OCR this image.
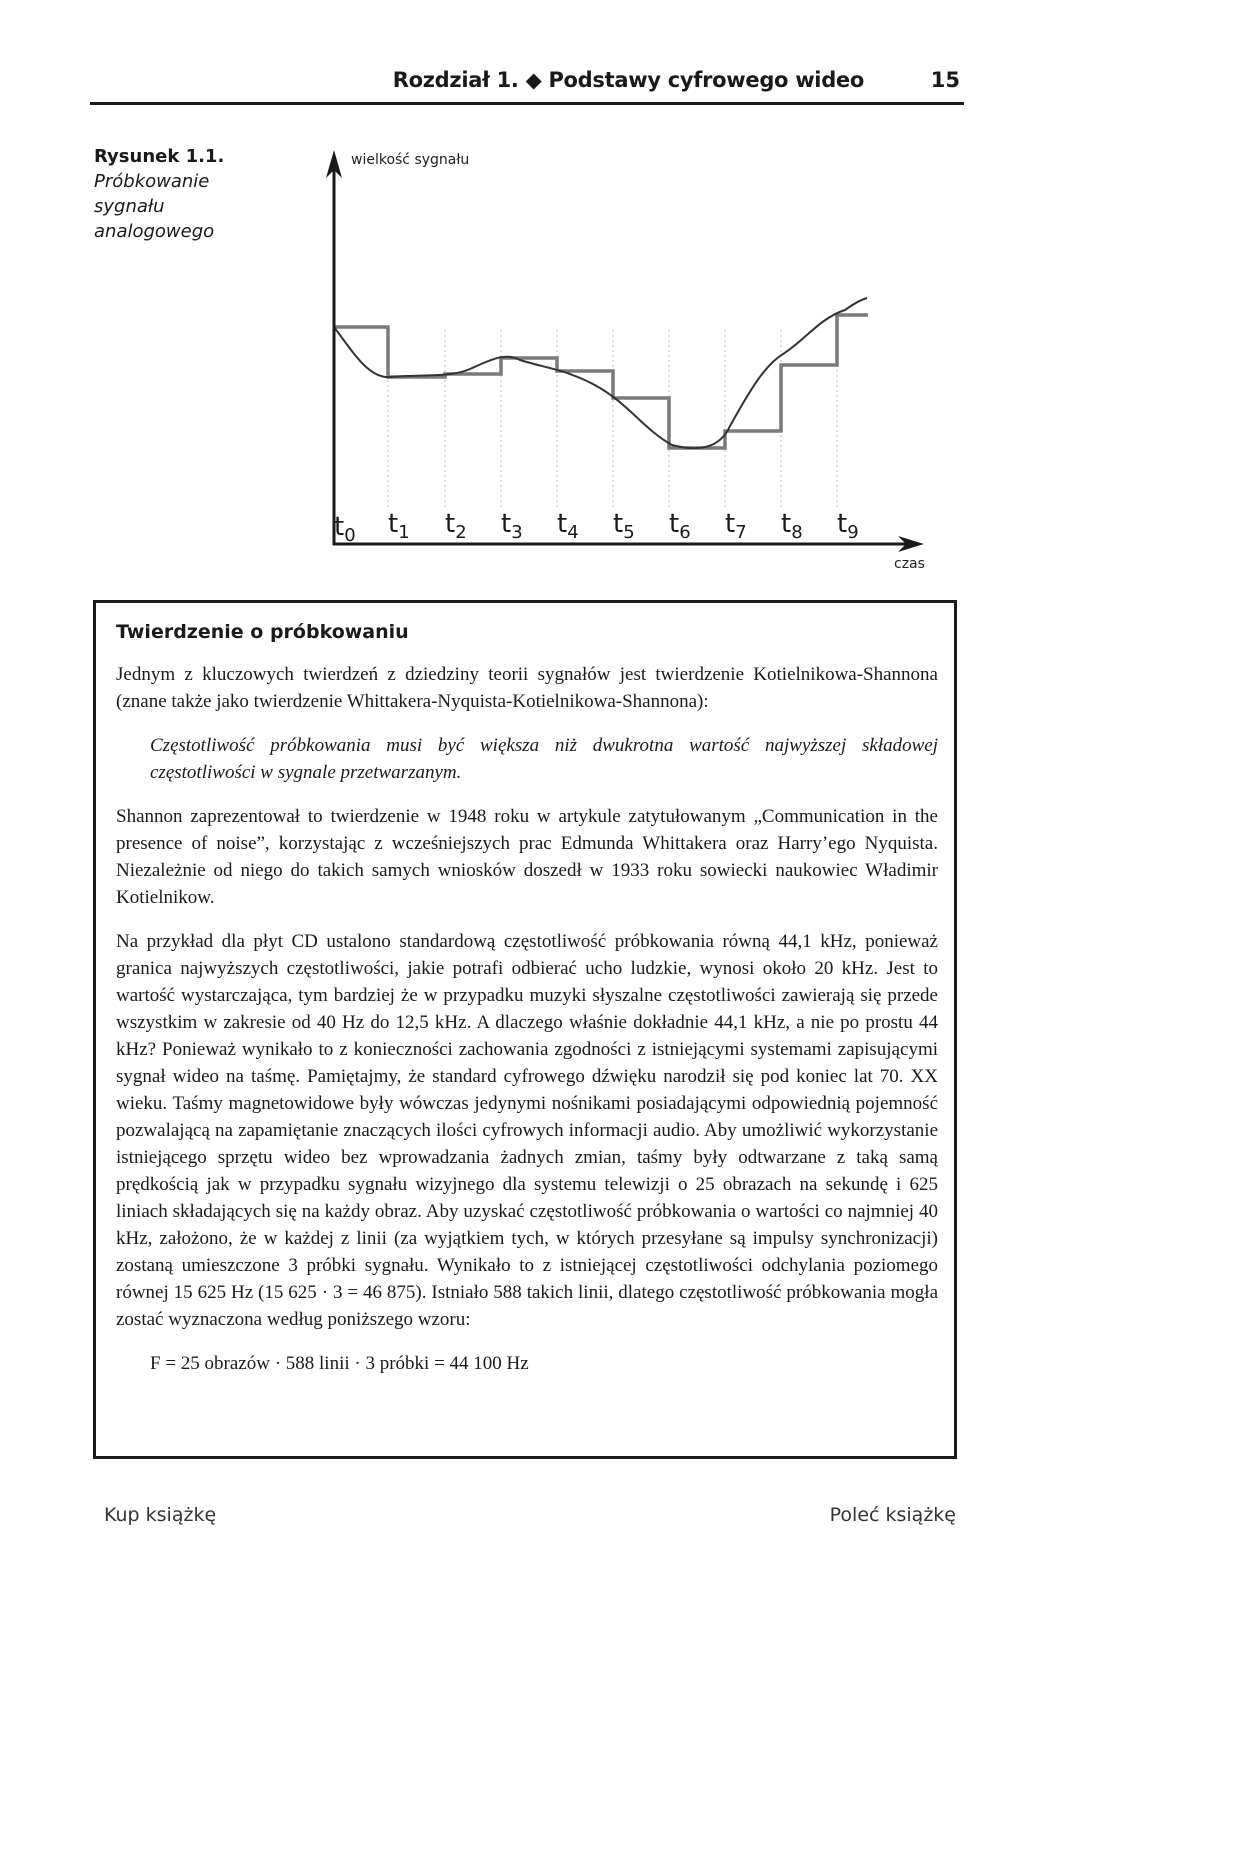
Rozdział 1. ◆ Podstawy cyfrowego wideo	15
Rysunek 1.1.
Próbkowanie sygnału analogowego
wielkość sygnału
czas
$t_0$ $t_1$ $t_2$ $t_3$ $t_4$ $t_5$ $t_6$ $t_7$ $t_8$ $t_9$
Twierdzenie o próbkowaniu

Jednym z kluczowych twierdzeń z dziedziny teorii sygnałów jest twierdzenie Kotielnikowa-Shannona (znane także jako twierdzenie Whittakera-Nyquista-Kotielnikowa-Shannona):

Częstotliwość próbkowania musi być większa niż dwukrotna wartość najwyższej składowej częstotliwości w sygnale przetwarzanym.

Shannon zaprezentował to twierdzenie w 1948 roku w artykule zatytułowanym „Communication in the presence of noise”, korzystając z wcześniejszych prac Edmunda Whittakera oraz Harry’ego Nyquista. Niezależnie od niego do takich samych wniosków doszedł w 1933 roku sowiecki naukowiec Władimir Kotielnikow.

Na przykład dla płyt CD ustalono standardową częstotliwość próbkowania równą 44,1 kHz, ponieważ granica najwyższych częstotliwości, jakie potrafi odbierać ucho ludzkie, wynosi około 20 kHz. Jest to wartość wystarczająca, tym bardziej że w przypadku muzyki słyszalne częstotliwości zawierają się przede wszystkim w zakresie od 40 Hz do 12,5 kHz. A dlaczego właśnie dokładnie 44,1 kHz, a nie po prostu 44 kHz? Ponieważ wynikało to z konieczności zachowania zgodności z istniejącymi systemami zapisującymi sygnał wideo na taśmę. Pamiętajmy, że standard cyfrowego dźwięku narodził się pod koniec lat 70. XX wieku. Taśmy magnetowidowe były wówczas jedynymi nośnikami posiadającymi odpowiednią pojemność pozwalającą na zapamiętanie znaczących ilości cyfrowych informacji audio. Aby umożliwić wykorzystanie istniejącego sprzętu wideo bez wprowadzania żadnych zmian, taśmy były odtwarzane z taką samą prędkością jak w przypadku sygnału wizyjnego dla systemu telewizji o 25 obrazach na sekundę i 625 liniach składających się na każdy obraz. Aby uzyskać częstotliwość próbkowania o wartości co najmniej 40 kHz, założono, że w każdej z linii (za wyjątkiem tych, w których przesyłane są impulsy synchronizacji) zostaną umieszczone 3 próbki sygnału. Wynikało to z istniejącej częstotliwości odchylania poziomego równej 15 625 Hz (15 625 · 3 = 46 875). Istniało 588 takich linii, dlatego częstotliwość próbkowania mogła zostać wyznaczona według poniższego wzoru:

F = 25 obrazów · 588 linii · 3 próbki = 44 100 Hz

Kup książkę	Poleć książkę
